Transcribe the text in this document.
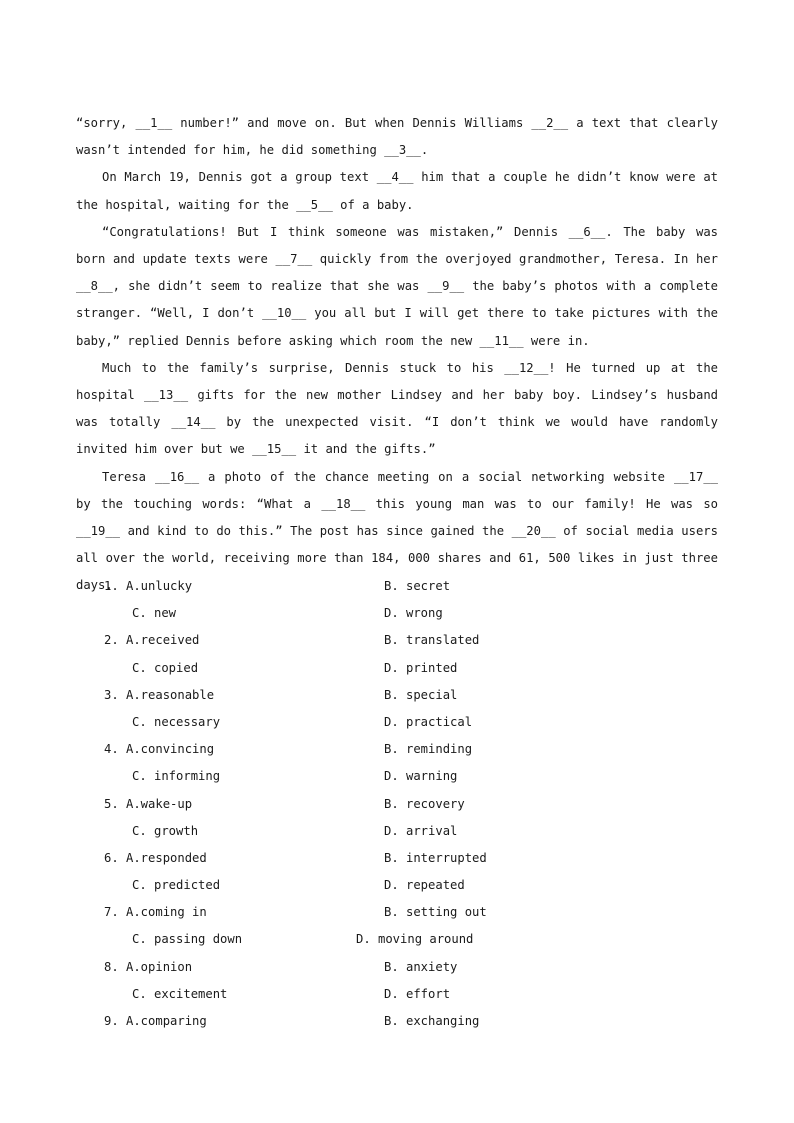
“sorry, __1__ number!” and move on. But when Dennis Williams __2__ a text that clearly wasn’t intended for him, he did something __3__.

On March 19, Dennis got a group text __4__ him that a couple he didn’t know were at the hospital, waiting for the __5__ of a baby.

“Congratulations! But I think someone was mistaken,” Dennis __6__. The baby was born and update texts were __7__ quickly from the overjoyed grandmother, Teresa. In her __8__, she didn’t seem to realize that she was __9__ the baby’s photos with a complete stranger. “Well, I don’t __10__ you all but I will get there to take pictures with the baby,” replied Dennis before asking which room the new __11__ were in.

Much to the family’s surprise, Dennis stuck to his __12__! He turned up at the hospital __13__ gifts for the new mother Lindsey and her baby boy. Lindsey’s husband was totally __14__ by the unexpected visit. “I don’t think we would have randomly invited him over but we __15__ it and the gifts.”

Teresa __16__ a photo of the chance meeting on a social networking website __17__ by the touching words: “What a __18__ this young man was to our family! He was so __19__ and kind to do this.” The post has since gained the __20__ of social media users all over the world, receiving more than 184, 000 shares and 61, 500 likes in just three days.

1. A.unlucky	B. secret
C. new	D. wrong
2. A.received	B. translated
C. copied	D. printed
3. A.reasonable	B. special
C. necessary	D. practical
4. A.convincing	B. reminding
C. informing	D. warning
5. A.wake-up	B. recovery
C. growth	D. arrival
6. A.responded	B. interrupted
C. predicted	D. repeated
7. A.coming in	B. setting out
C. passing down	D. moving around
8. A.opinion	B. anxiety
C. excitement	D. effort
9. A.comparing	B. exchanging
